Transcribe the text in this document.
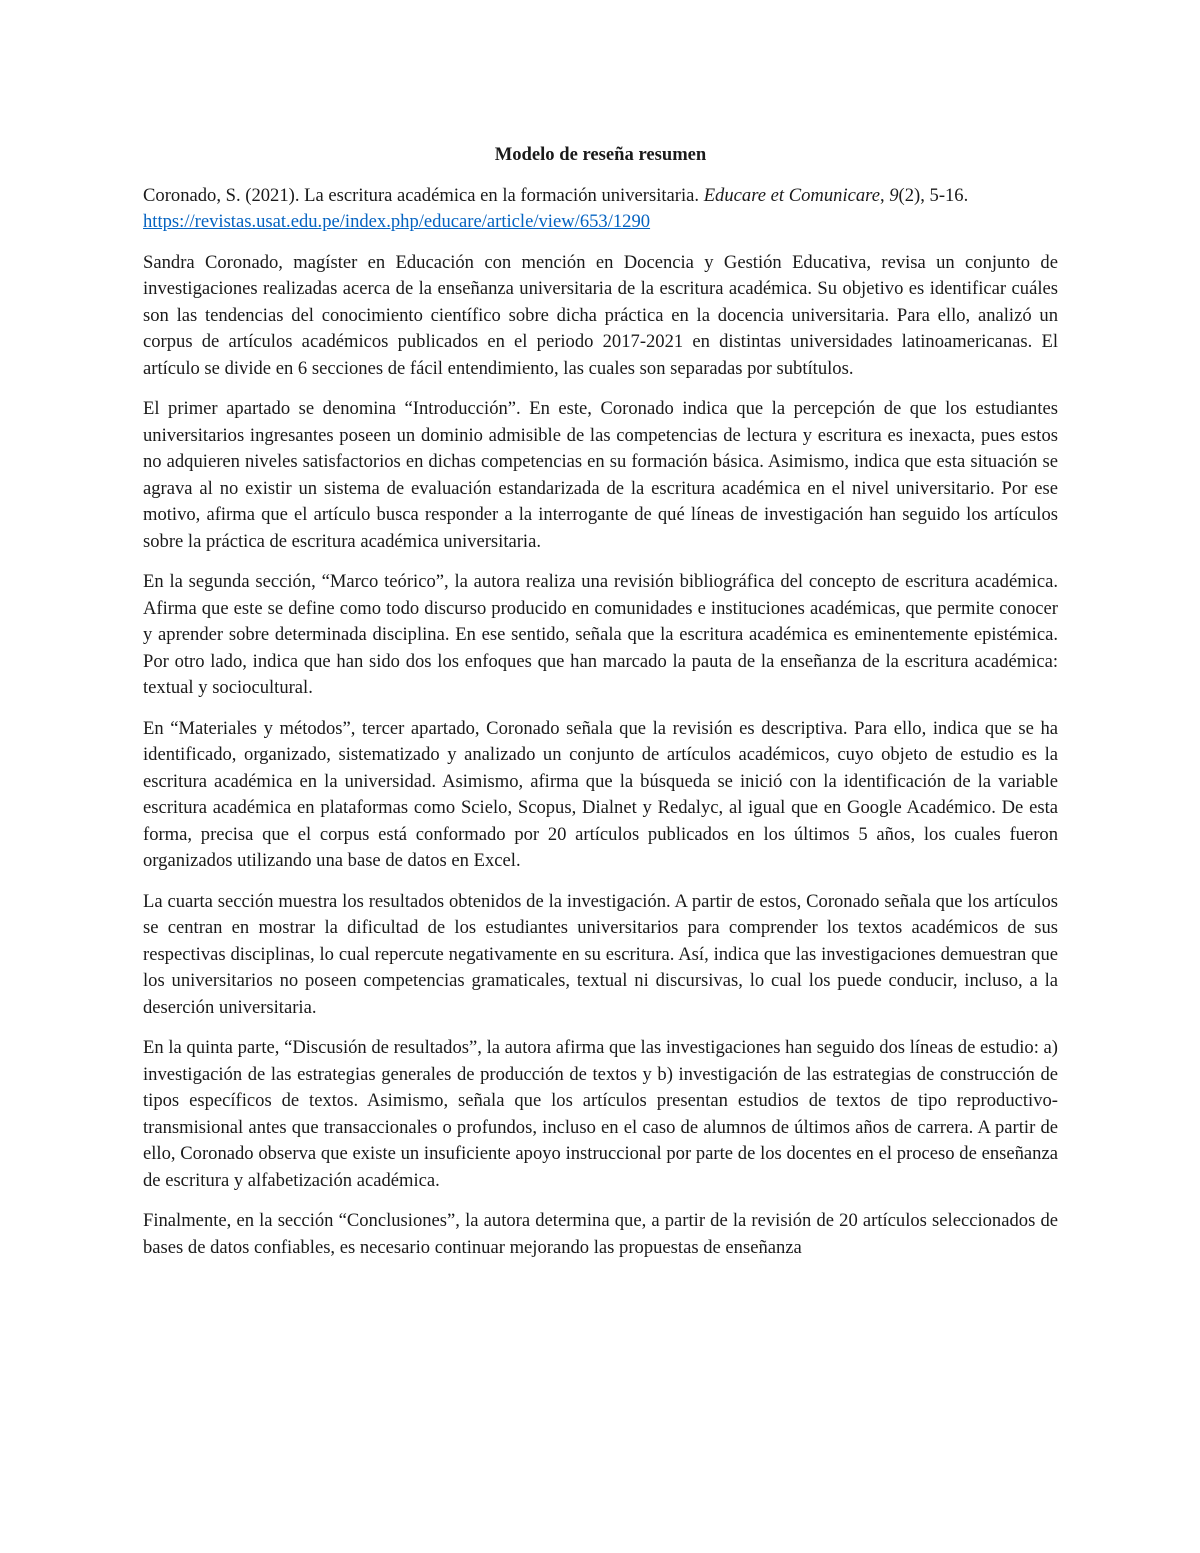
Modelo de reseña resumen

Coronado, S. (2021). La escritura académica en la formación universitaria. Educare et Comunicare, 9(2), 5-16. https://revistas.usat.edu.pe/index.php/educare/article/view/653/1290

Sandra Coronado, magíster en Educación con mención en Docencia y Gestión Educativa, revisa un conjunto de investigaciones realizadas acerca de la enseñanza universitaria de la escritura académica. Su objetivo es identificar cuáles son las tendencias del conocimiento científico sobre dicha práctica en la docencia universitaria. Para ello, analizó un corpus de artículos académicos publicados en el periodo 2017-2021 en distintas universidades latinoamericanas. El artículo se divide en 6 secciones de fácil entendimiento, las cuales son separadas por subtítulos.

El primer apartado se denomina “Introducción”. En este, Coronado indica que la percepción de que los estudiantes universitarios ingresantes poseen un dominio admisible de las competencias de lectura y escritura es inexacta, pues estos no adquieren niveles satisfactorios en dichas competencias en su formación básica. Asimismo, indica que esta situación se agrava al no existir un sistema de evaluación estandarizada de la escritura académica en el nivel universitario. Por ese motivo, afirma que el artículo busca responder a la interrogante de qué líneas de investigación han seguido los artículos sobre la práctica de escritura académica universitaria.

En la segunda sección, “Marco teórico”, la autora realiza una revisión bibliográfica del concepto de escritura académica. Afirma que este se define como todo discurso producido en comunidades e instituciones académicas, que permite conocer y aprender sobre determinada disciplina. En ese sentido, señala que la escritura académica es eminentemente epistémica. Por otro lado, indica que han sido dos los enfoques que han marcado la pauta de la enseñanza de la escritura académica: textual y sociocultural.

En “Materiales y métodos”, tercer apartado, Coronado señala que la revisión es descriptiva. Para ello, indica que se ha identificado, organizado, sistematizado y analizado un conjunto de artículos académicos, cuyo objeto de estudio es la escritura académica en la universidad. Asimismo, afirma que la búsqueda se inició con la identificación de la variable escritura académica en plataformas como Scielo, Scopus, Dialnet y Redalyc, al igual que en Google Académico. De esta forma, precisa que el corpus está conformado por 20 artículos publicados en los últimos 5 años, los cuales fueron organizados utilizando una base de datos en Excel.

La cuarta sección muestra los resultados obtenidos de la investigación. A partir de estos, Coronado señala que los artículos se centran en mostrar la dificultad de los estudiantes universitarios para comprender los textos académicos de sus respectivas disciplinas, lo cual repercute negativamente en su escritura. Así, indica que las investigaciones demuestran que los universitarios no poseen competencias gramaticales, textual ni discursivas, lo cual los puede conducir, incluso, a la deserción universitaria.

En la quinta parte, “Discusión de resultados”, la autora afirma que las investigaciones han seguido dos líneas de estudio: a) investigación de las estrategias generales de producción de textos y b) investigación de las estrategias de construcción de tipos específicos de textos. Asimismo, señala que los artículos presentan estudios de textos de tipo reproductivo-transmisional antes que transaccionales o profundos, incluso en el caso de alumnos de últimos años de carrera. A partir de ello, Coronado observa que existe un insuficiente apoyo instruccional por parte de los docentes en el proceso de enseñanza de escritura y alfabetización académica.

Finalmente, en la sección “Conclusiones”, la autora determina que, a partir de la revisión de 20 artículos seleccionados de bases de datos confiables, es necesario continuar mejorando las propuestas de enseñanza
